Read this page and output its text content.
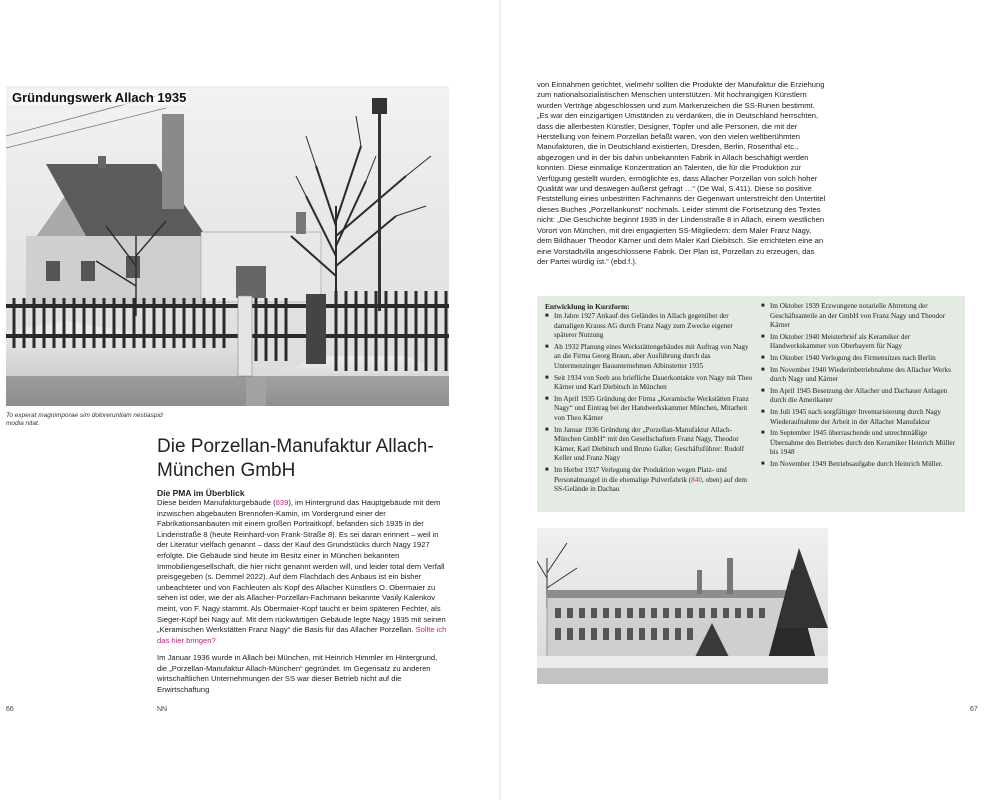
Gründungswerk Allach 1935
To experat magnimporae sim doloreruntiam nestiaspid modia nitat.
Die Porzellan-Manufaktur Allach-München GmbH
Die PMA im Überblick
Diese beiden Manufakturgebäude (839), im Hintergrund das Hauptgebäude mit dem inzwischen abgebauten Brennofen-Kamin, im Vordergrund einer der Fabrikationsanbauten mit einem großen Portraitkopf, befanden sich 1935 in der Lindenstraße 8 (heute Reinhard-von Frank-Straße 8). Es sei daran erinnert – weil in der Literatur vielfach genannt – dass der Kauf des Grundstücks durch Nagy 1927 erfolgte. Die Gebäude sind heute im Besitz einer in München bekannten Immobiliengesellschaft, die hier nicht genannt werden will, und leider total dem Verfall preisgegeben (s. Demmel 2022). Auf dem Flachdach des Anbaus ist ein bisher unbeachteter und von Fachleuten als Kopf des Allacher Künstlers O. Obermaier zu sehen ist oder, wie der als Allacher-Porzellan-Fachmann bekannte Vasily Kalenkov meint, von F. Nagy stammt. Als Obermaier-Kopf taucht er beim späteren Fechter, als Sieger-Kopf bei Nagy auf. Mit dem rückwärtigen Gebäude legte Nagy 1935 mit seinen „Keramischen Werkstätten Franz Nagy“ die Basis für das Allacher Porzellan. Sollte ich das hier bringen?
Im Januar 1936 wurde in Allach bei München, mit Heinrich Himmler im Hintergrund, die „Porzellan-Manufaktur Allach-München“ gegründet. Im Gegensatz zu anderen wirtschaftlichen Unternehmungen der SS war dieser Betrieb nicht auf die Erwirtschaftung
66	NN
von Einnahmen gerichtet, vielmehr sollten die Produkte der Manufaktur die Erziehung zum nationalsozialistischen Menschen unterstützen. Mit hochrangigen Künstlern wurden Verträge abgeschlossen und zum Markenzeichen die SS-Runen bestimmt. „Es war den einzigartigen Umständen zu verdanken, die in Deutschland herrschten, dass die allerbesten Künstler, Designer, Töpfer und alle Personen, die mit der Herstellung von feinem Porzellan befaßt waren, von den vielen weltberühmten Manufakturen, die in Deutschland existierten, Dresden, Berlin, Rosenthal etc., abgezogen und in der bis dahin unbekannten Fabrik in Allach beschäftigt werden konnten. Diese einmalige Konzentration an Talenten, die für die Produktion zur Verfügung gestellt wurden, ermöglichte es, dass Allacher Porzellan von solch hoher Qualität war und deswegen äußerst gefragt …“ (De Wal, S.411). Diese so positive Feststellung eines unbestritten Fachmanns der Gegenwart unterstreicht den Untertitel dieses Buches „Porzellankunst“ nochmals. Leider stimmt die Fortsetzung des Textes nicht: „Die Geschichte beginnt 1935 in der Lindenstraße 8 in Allach, einem westlichen Vorort von München, mit drei engagierten SS-Mitgliedern: dem Maler Franz Nagy, dem Bildhauer Theodor Kärner und dem Maler Karl Diebitsch. Sie errichteten eine an eine Vorstadtvilla angeschlossene Fabrik. Der Plan ist, Porzellan zu erzeugen, das der Partei würdig ist.“ (ebd.f.).
Entwicklung in Kurzform:
■ Im Jahre 1927 Ankauf des Geländes in Allach gegenüber der damaligen Krauss AG durch Franz Nagy zum Zwecke eigener späterer Nutzung
■ Ab 1932 Planung eines Werkstättengebäudes mit Auftrag von Nagy an die Firma Georg Braun, aber Ausführung durch das Untermenzinger Bauunternehmen Albinstetter 1935
■ Seit 1934 von Seeb aus briefliche Dauerkontakte von Nagy mit Theo Kärner und Karl Diebitsch in München
■ Im April 1935 Gründung der Firma „Keramische Werkstätten Franz Nagy“ und Eintrag bei der Handwerkskammer München, Mitarbeit von Theo Kärner
■ Im Januar 1936 Gründung der „Porzellan-Manufaktur Allach-München GmbH“ mit den Gesellschaftern Franz Nagy, Theodor Kärner, Karl Diebitsch und Bruno Galke; Geschäftsführer: Rudolf Keller und Franz Nagy
■ Im Herbst 1937 Verlegung der Produktion wegen Platz- und Personalmangel in die ehemalige Pulverfabrik (840, oben) auf dem SS-Gelände in Dachau
■ Im Oktober 1939 Erzwungene notarielle Abtretung der Geschäftsanteile an der GmbH von Franz Nagy und Theodor Kärner
■ Im Oktober 1940 Meisterbrief als Keramiker der Handwerkskammer von Oberbayern für Nagy
■ Im Oktober 1940 Verlegung des Firmensitzes nach Berlin
■ Im November 1940 Wiederinbetriebnahme des Allacher Werks durch Nagy und Kärner
■ Im April 1945 Besetzung der Allacher und Dachauer Anlagen durch die Amerikaner
■ Im Juli 1945 nach sorgfältiger Inventarisierung durch Nagy Wiederaufnahme der Arbeit in der Allacher Manufaktur
■ Im September 1945 überraschende und unrechtmäßige Übernahme des Betriebes durch den Keramiker Heinrich Müller bis 1948
■ Im November 1949 Betriebsaufgabe durch Heinrich Müller.
67
